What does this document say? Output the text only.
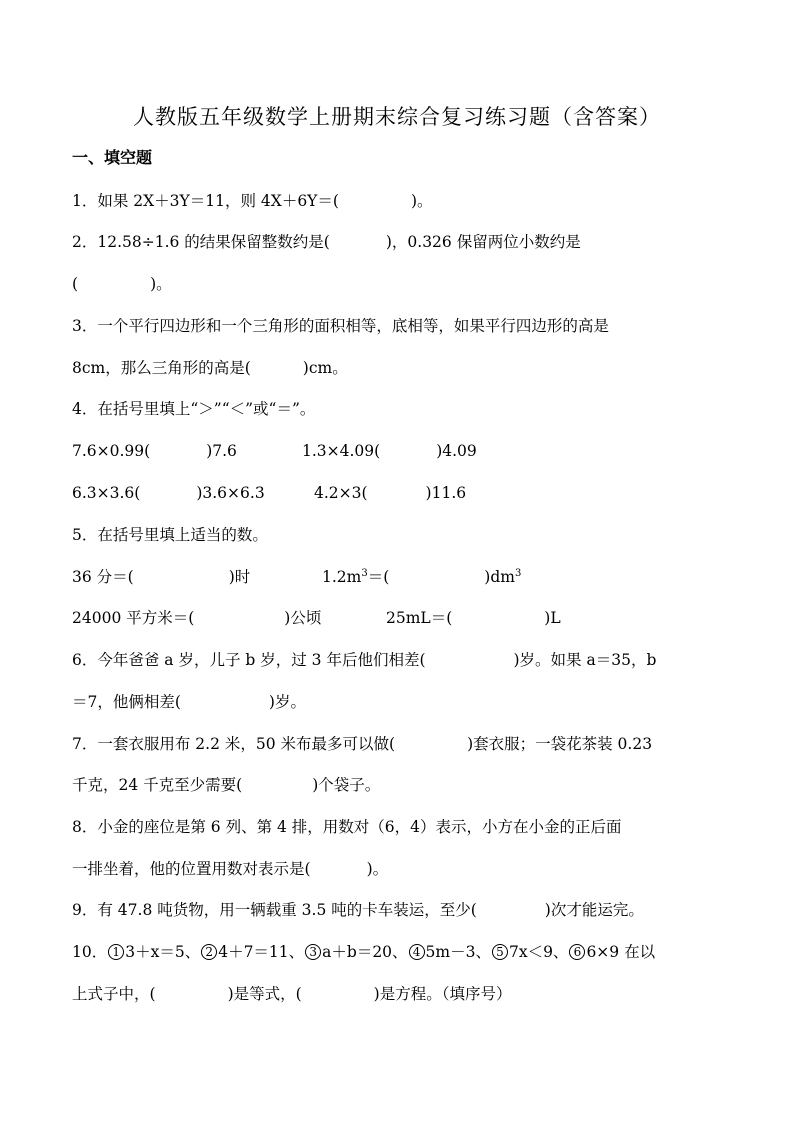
人教版五年级数学上册期末综合复习练习题（含答案）
一、填空题
1．如果 2X＋3Y＝11，则 4X＋6Y＝(	)。
2．12.58÷1.6 的结果保留整数约是(	)，0.326 保留两位小数约是
(	)。
3．一个平行四边形和一个三角形的面积相等，底相等，如果平行四边形的高是
8cm，那么三角形的高是(	)cm。
4．在括号里填上“＞”“＜”或“＝”。
7.6×0.99(	)7.6	1.3×4.09(	)4.09
6.3×3.6(	)3.6×6.3	4.2×3(	)11.6
5．在括号里填上适当的数。
36 分＝(	)时	$1.2m^3=$(	)$dm^3$
24000 平方米＝(	)公顷	25mL＝(	)L
6．今年爸爸 a 岁，儿子 b 岁，过 3 年后他们相差(	)岁。如果 a＝35，b
＝7，他俩相差(	)岁。
7．一套衣服用布 2.2 米，50 米布最多可以做(	)套衣服；一袋花茶装 0.23
千克，24 千克至少需要(	)个袋子。
8．小金的座位是第 6 列、第 4 排，用数对（6，4）表示，小方在小金的正后面
一排坐着，他的位置用数对表示是(	)。
9．有 47.8 吨货物，用一辆载重 3.5 吨的卡车装运，至少(	)次才能运完。
10． 1 3＋x＝5、 2 4＋7＝11、 3 a＋b＝20、 4 5m－3、 5 7x＜9、 6 6×9 在以
上式子中，(	)是等式，(	)是方程。（填序号）
